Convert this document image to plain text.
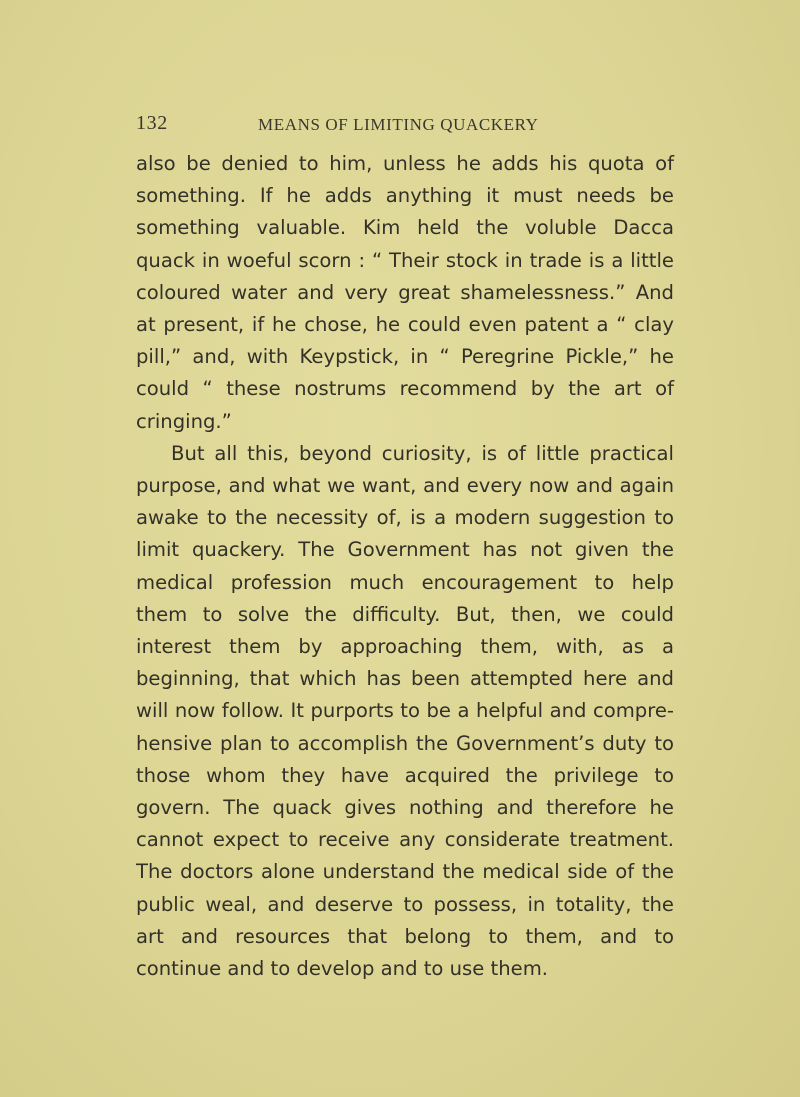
132	MEANS OF LIMITING QUACKERY

also be denied to him, unless he adds his quota of something. If he adds anything it must needs be something valuable. Kim held the voluble Dacca quack in woeful scorn : “ Their stock in trade is a little coloured water and very great shamelessness.” And at present, if he chose, he could even patent a “ clay pill,” and, with Keypstick, in “ Peregrine Pickle,” he could “ these nostrums recommend by the art of cringing.”

But all this, beyond curiosity, is of little practical purpose, and what we want, and every now and again awake to the necessity of, is a modern suggestion to limit quackery. The Government has not given the medical profession much encouragement to help them to solve the difficulty. But, then, we could interest them by approaching them, with, as a beginning, that which has been attempted here and will now follow. It purports to be a helpful and compre- hensive plan to accomplish the Government’s duty to those whom they have acquired the privilege to govern. The quack gives nothing and therefore he cannot expect to receive any considerate treatment. The doctors alone understand the medical side of the public weal, and deserve to possess, in totality, the art and resources that belong to them, and to continue and to develop and to use them.
